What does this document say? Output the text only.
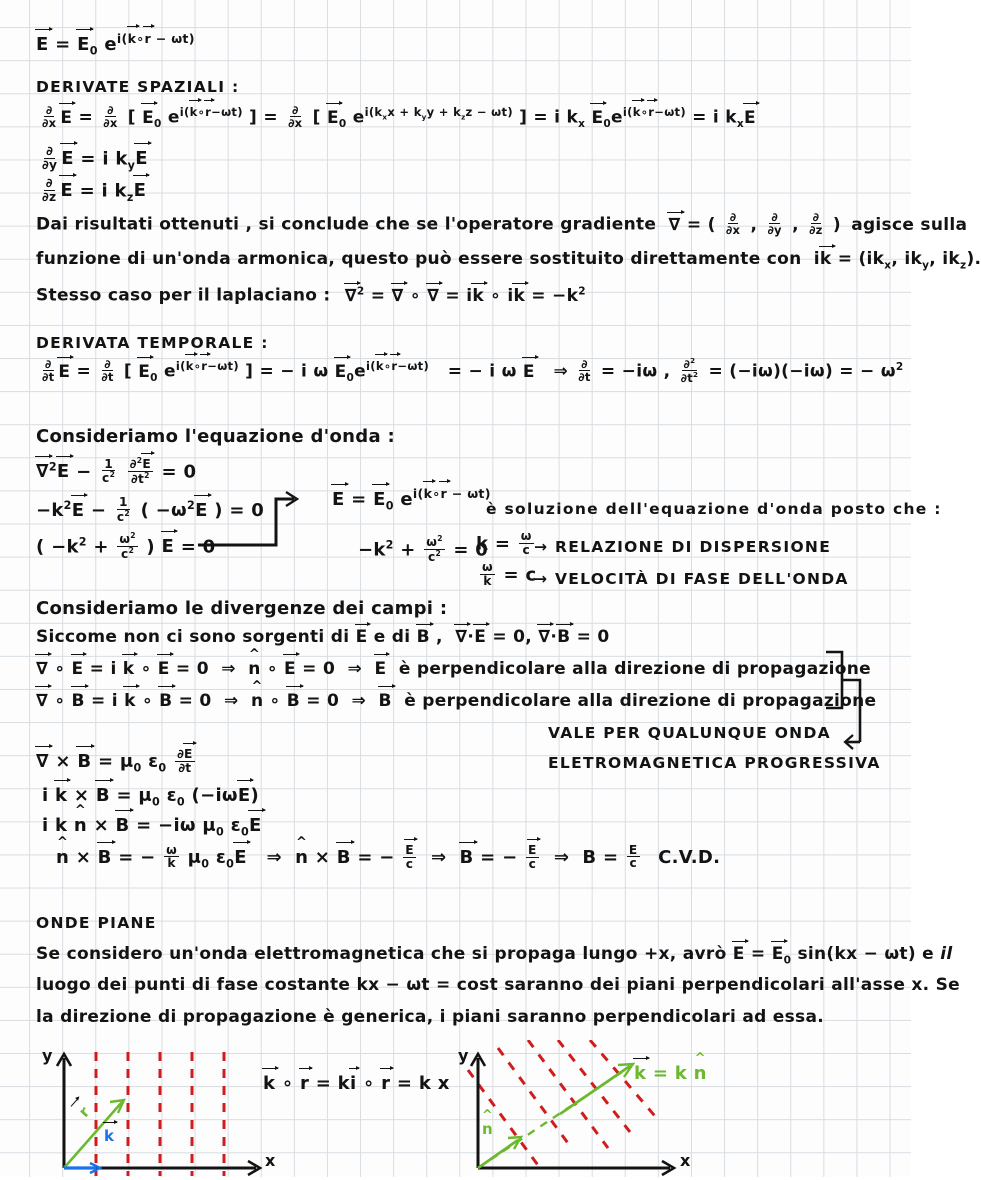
$E = E_0$ $e^{i(k\circ r - \omega t)}$
DERIVATE SPAZIALI :
$\frac{\partial}{\partial x}$ $E = \frac{\partial}{\partial x}$ [ $E_0$ $e^{i(k\circ r-\omega t)}$ ] = $\frac{\partial}{\partial x}$ [ $E_0$ $e^{i(k_xx + k_yy + k_zz - \omega t)}$ ] = i $k_x$ $E_0e^{i(k\circ r-\omega t)} = i$ $k_xE$
$\frac{\partial}{\partial y}$ E = i $k_yE$
$\frac{\partial}{\partial z}$ E = i $k_zE$
Dai risultati ottenuti , si conclude che se l'operatore gradiente ∇ = ( $\frac{\partial}{\partial x}$ , $\frac{\partial}{\partial y}$ , $\frac{\partial}{\partial z}$ ) agisce sulla
funzione di un'onda armonica, questo può essere sostituito direttamente con ik = ($ik_x$, $ik_y$, $ik_z$).
Stesso caso per il laplaciano : ∇$^2$ = ∇ ∘ ∇ = ik ∘ ik = $-k^2$
DERIVATA TEMPORALE :
$\frac{\partial}{\partial t}$ $E = \frac{\partial}{\partial t}$ [ $E_0$ $e^{i(k\circ r-\omega t)}$ ] = − i ω $E_0e^{i(k\circ r-\omega t)}$   = − i ω E   ⇒ $\frac{\partial}{\partial t} = -i\omega$ , $\frac{\partial^2}{\partial t^2} = (-i\omega)(-i\omega)$ = − $\omega^2$
Consideriamo l'equazione d'onda :
$\nabla^2E - \frac{1}{c^2}$
$\frac{\partial^2E}{\partial t^2} = 0$
$-k^2E - \frac{1}{c^2}$ ( $-\omega^2E$ ) = 0
( $-k^2 + \frac{\omega^2}{c^2}$ ) E = 0
$E = E_0$ $e^{i(k\circ r - \omega t)}$
è soluzione dell'equazione d'onda posto che :
$-k^2 + \frac{\omega^2}{c^2} = 0$
$k = \frac{\omega}{c}$ → RELAZIONE DI DISPERSIONE
$\frac{\omega}{k} = c$
→ VELOCITÀ DI FASE DELL'ONDA
Consideriamo le divergenze dei campi :
Siccome non ci sono sorgenti di E e di B ,  ∇·E = 0, ∇·B = 0
∇ ∘ E = i k ∘ E = 0  ⇒  n ^ ∘ E = 0  ⇒  E  è perpendicolare alla direzione di propagazione
∇ ∘ B = i k ∘ B = 0  ⇒  n ^ ∘ B = 0  ⇒  B  è perpendicolare alla direzione di propagazione
VALE PER QUALUNQUE ONDA
ELETROMAGNETICA PROGRESSIVA
∇ × $B = \mu_0$ $\varepsilon_0 \frac{\partial E}{\partial t}$
i $k \times B = \mu_0$ $\varepsilon_0$ (−iωE)
i k n ^ × B = −iω $\mu_0$ $\varepsilon_0E$
n ^ × B = − $\frac{\omega}{k} \mu_0$ $\varepsilon_0E$   ⇒  n ^ × B = − $\frac{E}{c}$ ⇒  B = − $\frac{E}{c}$ ⇒  $B = \frac{E}{c} C.V.D$.
ONDE PIANE
Se considero un'onda elettromagnetica che si propaga lungo +x, avrò $E = E_0$ sin(kx − ωt) e il
luogo dei punti di fase costante kx − ωt = cost saranno dei piani perpendicolari all'asse x. Se
la direzione di propagazione è generica, i piani saranno perpendicolari ad essa.
y
x
r
k
k ∘ r = ki ∘ r = k x
y
x
n ^
k = k n ^
